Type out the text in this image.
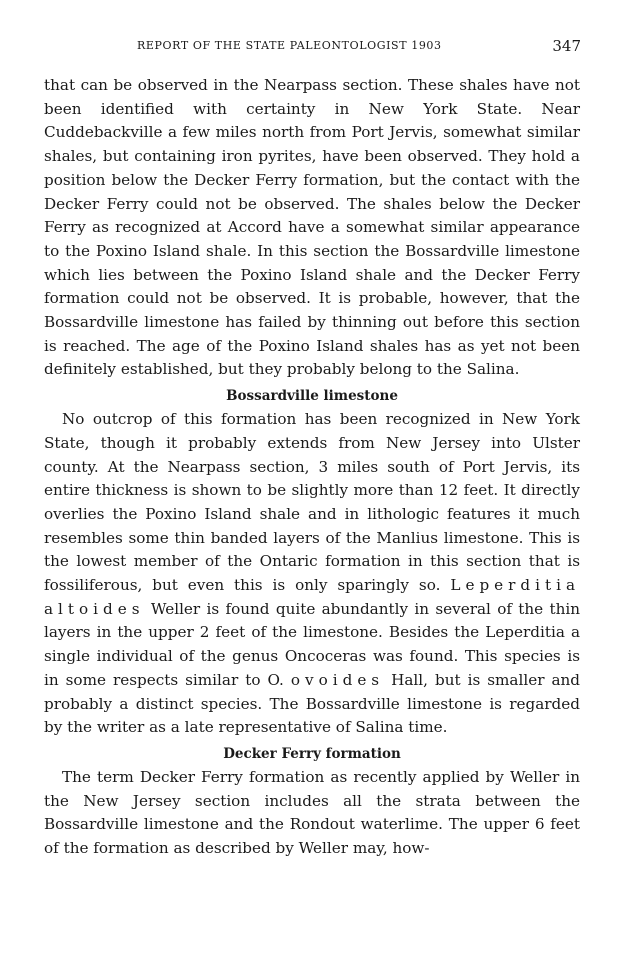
REPORT OF THE STATE PALEONTOLOGIST 1903	347

that can be observed in the Nearpass section. These shales have not been identified with certainty in New York State. Near Cuddebackville a few miles north from Port Jervis, somewhat similar shales, but containing iron pyrites, have been observed. They hold a position below the Decker Ferry formation, but the contact with the Decker Ferry could not be observed. The shales below the Decker Ferry as recognized at Accord have a somewhat similar appearance to the Poxino Island shale. In this section the Bossardville limestone which lies between the Poxino Island shale and the Decker Ferry formation could not be observed. It is probable, however, that the Bossardville limestone has failed by thinning out before this section is reached. The age of the Poxino Island shales has as yet not been definitely established, but they probably belong to the Salina.

Bossardville limestone

No outcrop of this formation has been recognized in New York State, though it probably extends from New Jersey into Ulster county. At the Nearpass section, 3 miles south of Port Jervis, its entire thickness is shown to be slightly more than 12 feet. It directly overlies the Poxino Island shale and in lithologic features it much resembles some thin banded layers of the Manlius limestone. This is the lowest member of the Ontaric formation in this section that is fossiliferous, but even this is only sparingly so. Leperditia altoides Weller is found quite abundantly in several of the thin layers in the upper 2 feet of the limestone. Besides the Leperditia a single individual of the genus Oncoceras was found. This species is in some respects similar to O. ovoides Hall, but is smaller and probably a distinct species. The Bossardville limestone is regarded by the writer as a late representative of Salina time.

Decker Ferry formation

The term Decker Ferry formation as recently applied by Weller in the New Jersey section includes all the strata between the Bossardville limestone and the Rondout waterlime. The upper 6 feet of the formation as described by Weller may, how-
